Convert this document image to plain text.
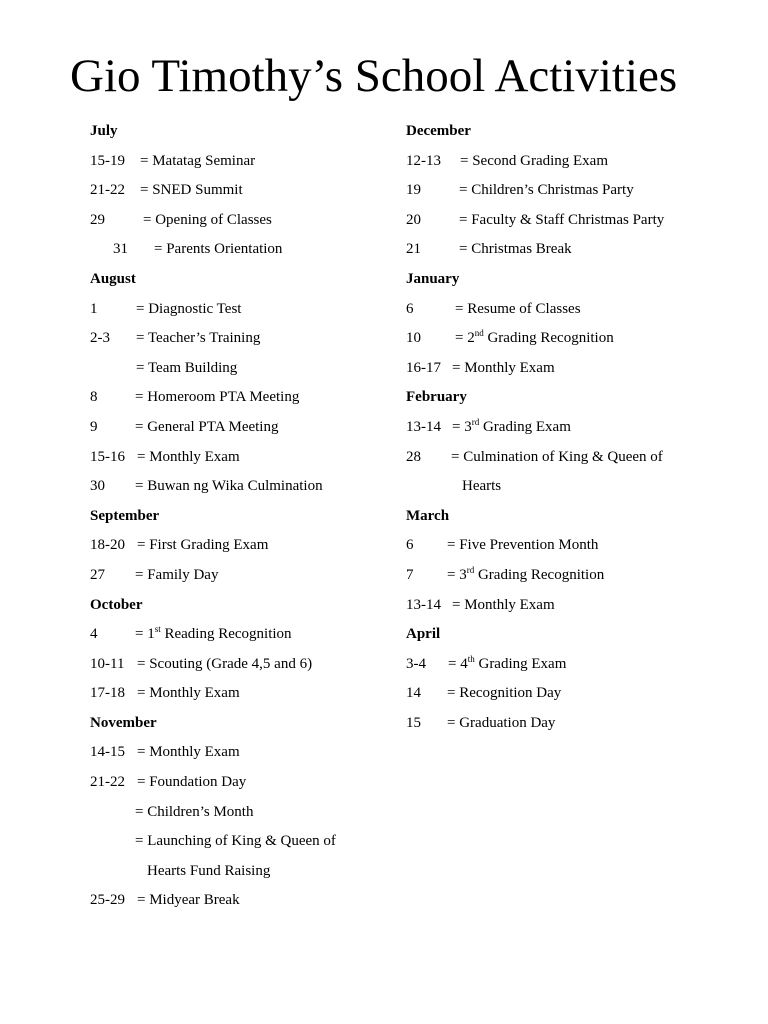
Gio Timothy’s School Activities
July
15-19 = Matatag Seminar
21-22 = SNED Summit
29	= Opening of Classes
31 = Parents Orientation
August
1	= Diagnostic Test
2-3 = Teacher’s Training
= Team Building
8	= Homeroom PTA Meeting
9	= General PTA Meeting
15-16 = Monthly Exam
30 = Buwan ng Wika Culmination
September
18-20 = First Grading Exam
27 = Family Day
October
4	= 1st Reading Recognition
10-11 = Scouting (Grade 4,5 and 6)
17-18 = Monthly Exam
November
14-15 = Monthly Exam
21-22 = Foundation Day
= Children’s Month
= Launching of King & Queen of
Hearts Fund Raising
25-29 = Midyear Break
December
12-13 = Second Grading Exam
19	= Children’s Christmas Party
20	= Faculty & Staff Christmas Party
21	= Christmas Break
January
6	= Resume of Classes
10 = 2nd Grading Recognition
16-17 = Monthly Exam
February
13-14 = 3rd Grading Exam
28 = Culmination of King & Queen of
Hearts
March
6 = Five Prevention Month
7 = 3rd Grading Recognition
13-14 = Monthly Exam
April
3-4 = 4th Grading Exam
14 = Recognition Day
15 = Graduation Day
